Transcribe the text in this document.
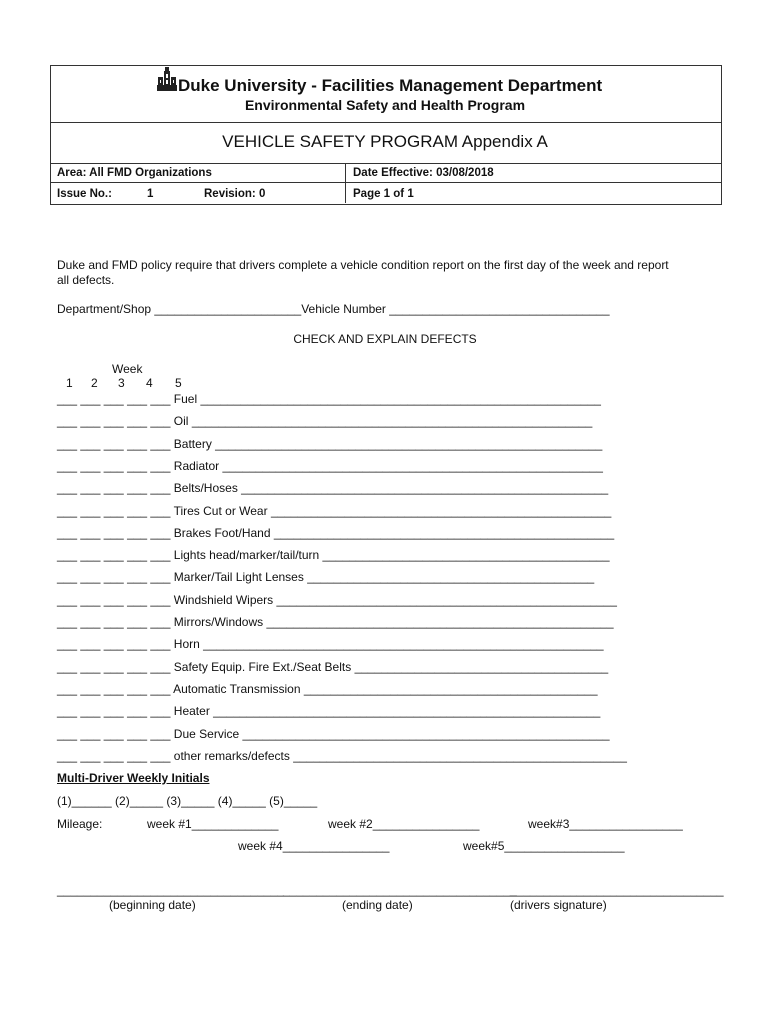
Duke University - Facilities Management Department
Environmental Safety and Health Program
VEHICLE SAFETY PROGRAM Appendix A
Area: All FMD Organizations	Date Effective: 03/08/2018
Issue No.:	1	Revision: 0	Page 1 of 1
Duke and FMD policy require that drivers complete a vehicle condition report on the first day of the week and report
all defects.
Department/Shop ______________________Vehicle Number _________________________________
CHECK AND EXPLAIN DEFECTS
Week
1 2 3 4 5
___ ___ ___ ___ ___ Fuel ____________________________________________________________
___ ___ ___ ___ ___ Oil ____________________________________________________________
___ ___ ___ ___ ___ Battery __________________________________________________________
___ ___ ___ ___ ___ Radiator _________________________________________________________
___ ___ ___ ___ ___ Belts/Hoses _______________________________________________________
___ ___ ___ ___ ___ Tires Cut or Wear ___________________________________________________
___ ___ ___ ___ ___ Brakes Foot/Hand ___________________________________________________
___ ___ ___ ___ ___ Lights head/marker/tail/turn ___________________________________________
___ ___ ___ ___ ___ Marker/Tail Light Lenses ___________________________________________
___ ___ ___ ___ ___ Windshield Wipers ___________________________________________________
___ ___ ___ ___ ___ Mirrors/Windows ____________________________________________________
___ ___ ___ ___ ___ Horn ____________________________________________________________
___ ___ ___ ___ ___ Safety Equip. Fire Ext./Seat Belts ______________________________________
___ ___ ___ ___ ___ Automatic Transmission ____________________________________________
___ ___ ___ ___ ___ Heater __________________________________________________________
___ ___ ___ ___ ___ Due Service _______________________________________________________
___ ___ ___ ___ ___ other remarks/defects __________________________________________________
Multi-Driver Weekly Initials
(1)______ (2)_____ (3)_____ (4)_____ (5)_____
Mileage:	week #1_____________	week #2________________	week#3_________________
week #4________________	week#5__________________
__________________________________ ___________________________________
________________________________
(beginning date)	(ending date)	(drivers signature)
